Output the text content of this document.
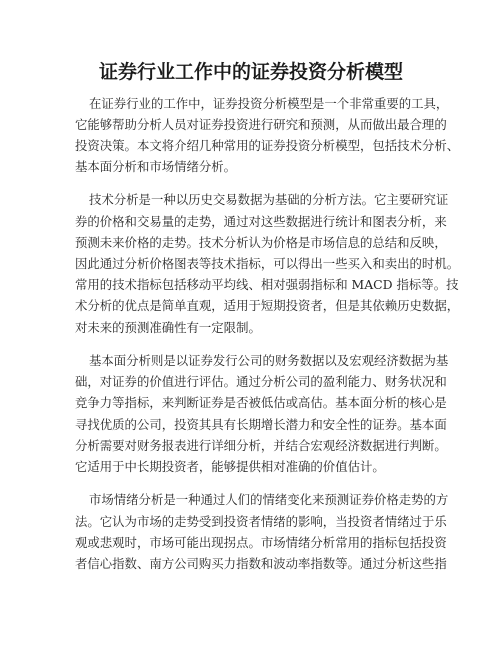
证券行业工作中的证券投资分析模型
在证券行业的工作中，证券投资分析模型是一个非常重要的工具，
它能够帮助分析人员对证券投资进行研究和预测，从而做出最合理的
投资决策。本文将介绍几种常用的证券投资分析模型，包括技术分析、
基本面分析和市场情绪分析。
技术分析是一种以历史交易数据为基础的分析方法。它主要研究证
券的价格和交易量的走势，通过对这些数据进行统计和图表分析，来
预测未来价格的走势。技术分析认为价格是市场信息的总结和反映，
因此通过分析价格图表等技术指标，可以得出一些买入和卖出的时机。
常用的技术指标包括移动平均线、相对强弱指标和 MACD 指标等。技
术分析的优点是简单直观，适用于短期投资者，但是其依赖历史数据，
对未来的预测准确性有一定限制。
基本面分析则是以证券发行公司的财务数据以及宏观经济数据为基
础，对证券的价值进行评估。通过分析公司的盈利能力、财务状况和
竞争力等指标，来判断证券是否被低估或高估。基本面分析的核心是
寻找优质的公司，投资其具有长期增长潜力和安全性的证券。基本面
分析需要对财务报表进行详细分析，并结合宏观经济数据进行判断。
它适用于中长期投资者，能够提供相对准确的价值估计。
市场情绪分析是一种通过人们的情绪变化来预测证券价格走势的方
法。它认为市场的走势受到投资者情绪的影响，当投资者情绪过于乐
观或悲观时，市场可能出现拐点。市场情绪分析常用的指标包括投资
者信心指数、南方公司购买力指数和波动率指数等。通过分析这些指
